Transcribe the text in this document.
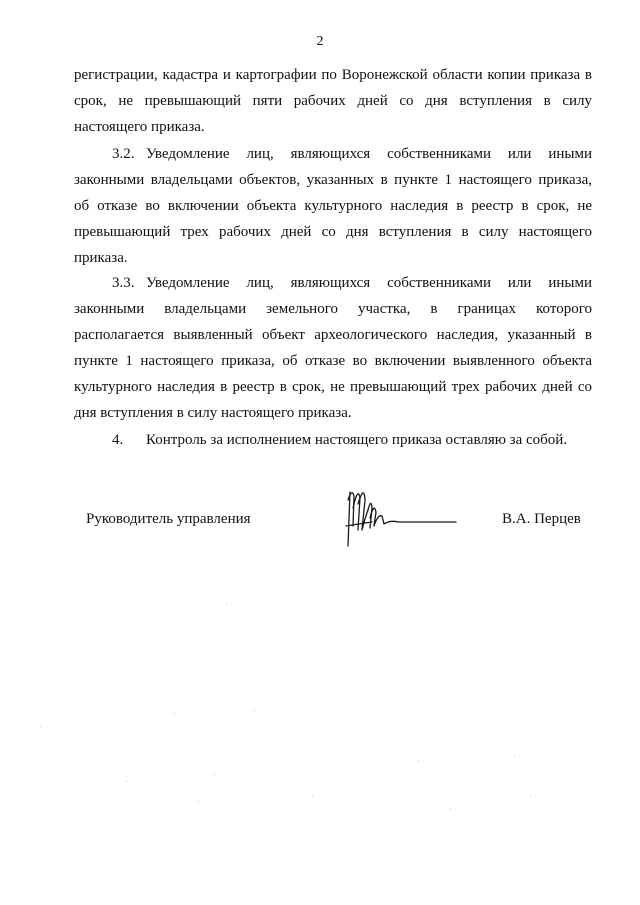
2
регистрации, кадастра и картографии по Воронежской области копии приказа в
срок, не превышающий пяти рабочих дней со дня вступления в силу
настоящего приказа.
3.2. Уведомление лиц, являющихся собственниками или иными
законными владельцами объектов, указанных в пункте 1 настоящего приказа,
об отказе во включении объекта культурного наследия в реестр в срок, не
превышающий трех рабочих дней со дня вступления в силу настоящего
приказа.
3.3. Уведомление лиц, являющихся собственниками или иными
законными владельцами земельного участка, в границах которого
располагается выявленный объект археологического наследия, указанный в
пункте 1 настоящего приказа, об отказе во включении выявленного объекта
культурного наследия в реестр в срок, не превышающий трех рабочих дней со
дня вступления в силу настоящего приказа.
4. Контроль за исполнением настоящего приказа оставляю за собой.
Руководитель управления	В.А. Перцев
